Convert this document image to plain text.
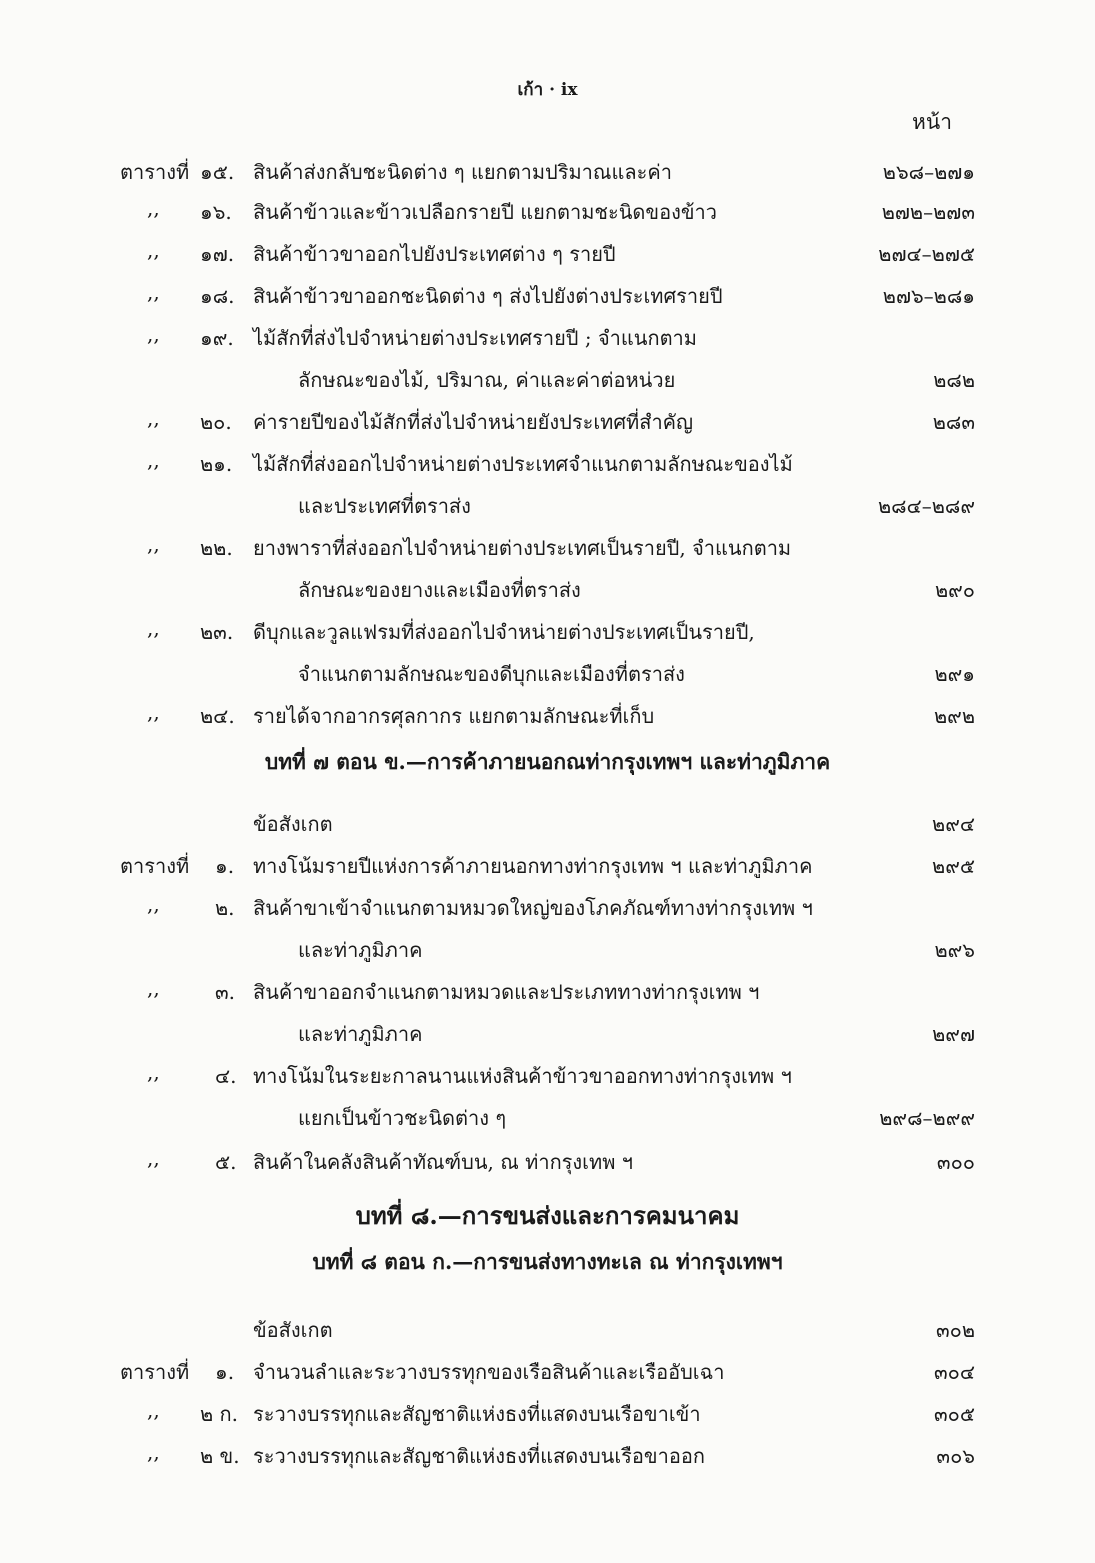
เก้า · ix
หน้า
ตารางที่ ๑๕. สินค้าส่งกลับชะนิดต่าง ๆ แยกตามปริมาณและค่า	๒๖๘–๒๗๑
,, ๑๖. สินค้าข้าวและข้าวเปลือกรายปี แยกตามชะนิดของข้าว	๒๗๒–๒๗๓
,, ๑๗. สินค้าข้าวขาออกไปยังประเทศต่าง ๆ รายปี	๒๗๔–๒๗๕
,, ๑๘. สินค้าข้าวขาออกชะนิดต่าง ๆ ส่งไปยังต่างประเทศรายปี	๒๗๖–๒๘๑
,, ๑๙. ไม้สักที่ส่งไปจำหน่ายต่างประเทศรายปี ; จำแนกตาม
ลักษณะของไม้, ปริมาณ, ค่าและค่าต่อหน่วย	๒๘๒
,, ๒๐. ค่ารายปีของไม้สักที่ส่งไปจำหน่ายยังประเทศที่สำคัญ	๒๘๓
,, ๒๑. ไม้สักที่ส่งออกไปจำหน่ายต่างประเทศจำแนกตามลักษณะของไม้
และประเทศที่ตราส่ง	๒๘๔–๒๘๙
,, ๒๒. ยางพาราที่ส่งออกไปจำหน่ายต่างประเทศเป็นรายปี, จำแนกตาม
ลักษณะของยางและเมืองที่ตราส่ง	๒๙๐
,, ๒๓. ดีบุกและวูลแฟรมที่ส่งออกไปจำหน่ายต่างประเทศเป็นรายปี,
จำแนกตามลักษณะของดีบุกและเมืองที่ตราส่ง	๒๙๑
,, ๒๔. รายได้จากอากรศุลกากร แยกตามลักษณะที่เก็บ	๒๙๒
บทที่ ๗ ตอน ข.—การค้าภายนอกณท่ากรุงเทพฯ และท่าภูมิภาค
ข้อสังเกต	๒๙๔
ตารางที่ ๑. ทางโน้มรายปีแห่งการค้าภายนอกทางท่ากรุงเทพ ฯ และท่าภูมิภาค	๒๙๕
,,	๒. สินค้าขาเข้าจำแนกตามหมวดใหญ่ของโภคภัณฑ์ทางท่ากรุงเทพ ฯ
และท่าภูมิภาค	๒๙๖
,,	๓. สินค้าขาออกจำแนกตามหมวดและประเภททางท่ากรุงเทพ ฯ
และท่าภูมิภาค	๒๙๗
,,	๔. ทางโน้มในระยะกาลนานแห่งสินค้าข้าวขาออกทางท่ากรุงเทพ ฯ
แยกเป็นข้าวชะนิดต่าง ๆ	๒๙๘–๒๙๙
,,	๕. สินค้าในคลังสินค้าทัณฑ์บน, ณ ท่ากรุงเทพ ฯ	๓๐๐
บทที่ ๘.—การขนส่งและการคมนาคม
บทที่ ๘ ตอน ก.—การขนส่งทางทะเล ณ ท่ากรุงเทพฯ
ข้อสังเกต	๓๐๒
ตารางที่ ๑. จำนวนลำและระวางบรรทุกของเรือสินค้าและเรืออับเฉา	๓๐๔
,, ๒ ก. ระวางบรรทุกและสัญชาติแห่งธงที่แสดงบนเรือขาเข้า	๓๐๕
,, ๒ ข. ระวางบรรทุกและสัญชาติแห่งธงที่แสดงบนเรือขาออก	๓๐๖
